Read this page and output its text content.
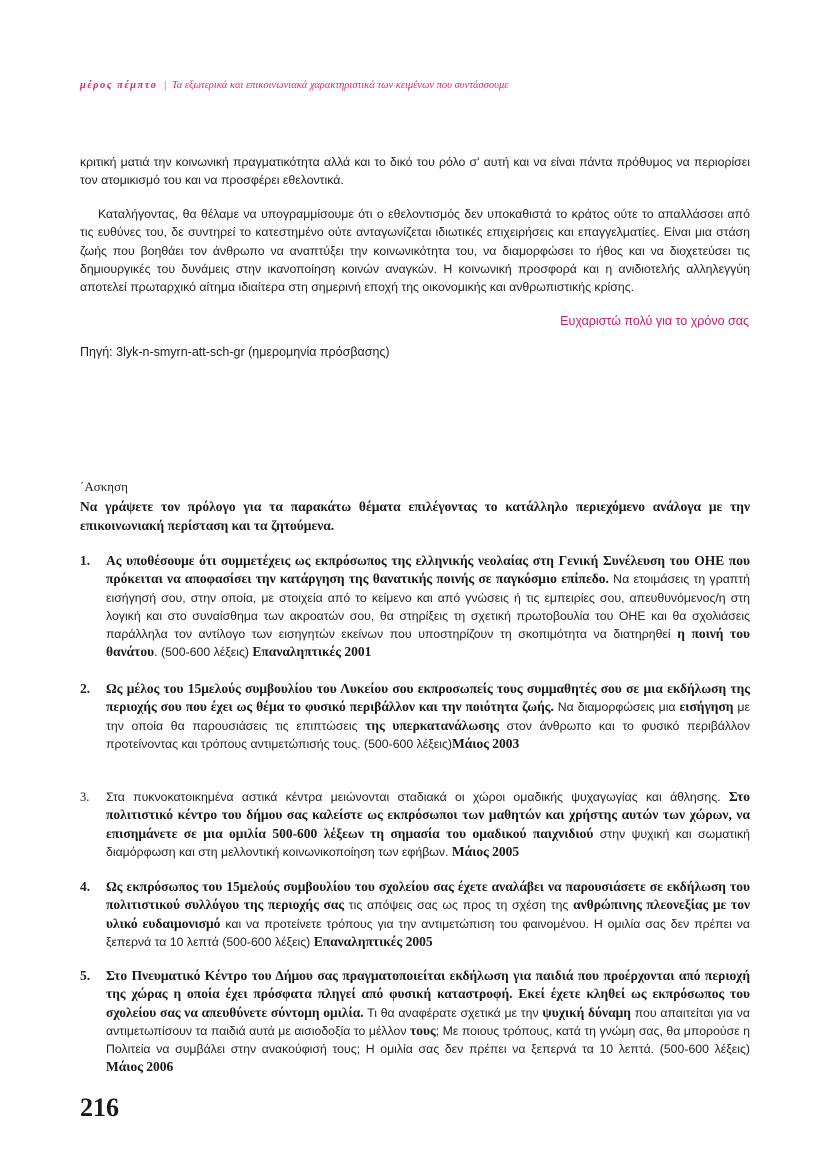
μέρος πέμπτο | Τα εξωτερικά και επικοινωνιακά χαρακτηριστικά των κειμένων που συντάσσουμε
κριτική ματιά την κοινωνική πραγματικότητα αλλά και το δικό του ρόλο σ' αυτή και να είναι πάντα πρόθυμος να περιορίσει τον ατομικισμό του και να προσφέρει εθελοντικά.
Καταλήγοντας, θα θέλαμε να υπογραμμίσουμε ότι ο εθελοντισμός δεν υποκαθιστά το κράτος ούτε το απαλλάσσει από τις ευθύνες του, δε συντηρεί το κατεστημένο ούτε ανταγωνίζεται ιδιωτικές επιχειρήσεις και επαγγελματίες. Είναι μια στάση ζωής που βοηθάει τον άνθρωπο να αναπτύξει την κοινωνικότητα του, να διαμορφώσει το ήθος και να διοχετεύσει τις δημιουργικές του δυνάμεις στην ικανοποίηση κοινών αναγκών. Η κοινωνική προσφορά και η ανιδιοτελής αλληλεγγύη αποτελεί πρωταρχικό αίτημα ιδιαίτερα στη σημερινή εποχή της οικονομικής και ανθρωπιστικής κρίσης.
Ευχαριστώ πολύ για το χρόνο σας
Πηγή: 3lyk-n-smyrn-att-sch-gr (ημερομηνία πρόσβασης)
΄Ασκηση
Να γράψετε τον πρόλογο για τα παρακάτω θέματα επιλέγοντας το κατάλληλο περιεχόμενο ανάλογα με την επικοινωνιακή περίσταση και τα ζητούμενα.
1.	Ας υποθέσουμε ότι συμμετέχεις ως εκπρόσωπος της ελληνικής νεολαίας στη Γενική Συνέλευση του ΟΗΕ που πρόκειται να αποφασίσει την κατάργηση της θανατικής ποινής σε παγκόσμιο επίπεδο. Να ετοιμάσεις τη γραπτή εισήγησή σου, στην οποία, με στοιχεία από το κείμενο και από γνώσεις ή τις εμπειρίες σου, απευθυνόμενος/η στη λογική και στο συναίσθημα των ακροατών σου, θα στηρίξεις τη σχετική πρωτοβουλία του ΟΗΕ και θα σχολιάσεις παράλληλα τον αντίλογο των εισηγητών εκείνων που υποστηρίζουν τη σκοπιμότητα να διατηρηθεί η ποινή του θανάτου. (500-600 λέξεις) Επαναληπτικές 2001
2.	Ως μέλος του 15μελούς συμβουλίου του Λυκείου σου εκπροσωπείς τους συμμαθητές σου σε μια εκδήλωση της περιοχής σου που έχει ως θέμα το φυσικό περιβάλλον και την ποιότητα ζωής. Να διαμορφώσεις μια εισήγηση με την οποία θα παρουσιάσεις τις επιπτώσεις της υπερκατανάλωσης στον άνθρωπο και το φυσικό περιβάλλον προτείνοντας και τρόπους αντιμετώπισής τους. (500-600 λέξεις)Μάιος 2003
3.	Στα πυκνοκατοικημένα αστικά κέντρα μειώνονται σταδιακά οι χώροι ομαδικής ψυχαγωγίας και άθλησης. Στο πολιτιστικό κέντρο του δήμου σας καλείστε ως εκπρόσωποι των μαθητών και χρήστης αυτών των χώρων, να επισημάνετε σε μια ομιλία 500-600 λέξεων τη σημασία του ομαδικού παιχνιδιού στην ψυχική και σωματική διαμόρφωση και στη μελλοντική κοινωνικοποίηση των εφήβων. Μάιος 2005
4.	Ως εκπρόσωπος του 15μελούς συμβουλίου του σχολείου σας έχετε αναλάβει να παρουσιάσετε σε εκδήλωση του πολιτιστικού συλλόγου της περιοχής σας τις απόψεις σας ως προς τη σχέση της ανθρώπινης πλεονεξίας με τον υλικό ευδαιμονισμό και να προτείνετε τρόπους για την αντιμετώπιση του φαινομένου. Η ομιλία σας δεν πρέπει να ξεπερνά τα 10 λεπτά (500-600 λέξεις) Επαναληπτικές 2005
5.	Στο Πνευματικό Κέντρο του Δήμου σας πραγματοποιείται εκδήλωση για παιδιά που προέρχονται από περιοχή της χώρας η οποία έχει πρόσφατα πληγεί από φυσική καταστροφή. Εκεί έχετε κληθεί ως εκπρόσωπος του σχολείου σας να απευθύνετε σύντομη ομιλία. Τι θα αναφέρατε σχετικά με την ψυχική δύναμη που απαιτείται για να αντιμετωπίσουν τα παιδιά αυτά με αισιοδοξία το μέλλον τους; Με ποιους τρόπους, κατά τη γνώμη σας, θα μπορούσε η Πολιτεία να συμβάλει στην ανακούφισή τους; Η ομιλία σας δεν πρέπει να ξεπερνά τα 10 λεπτά. (500-600 λέξεις) Μάιος 2006
216
